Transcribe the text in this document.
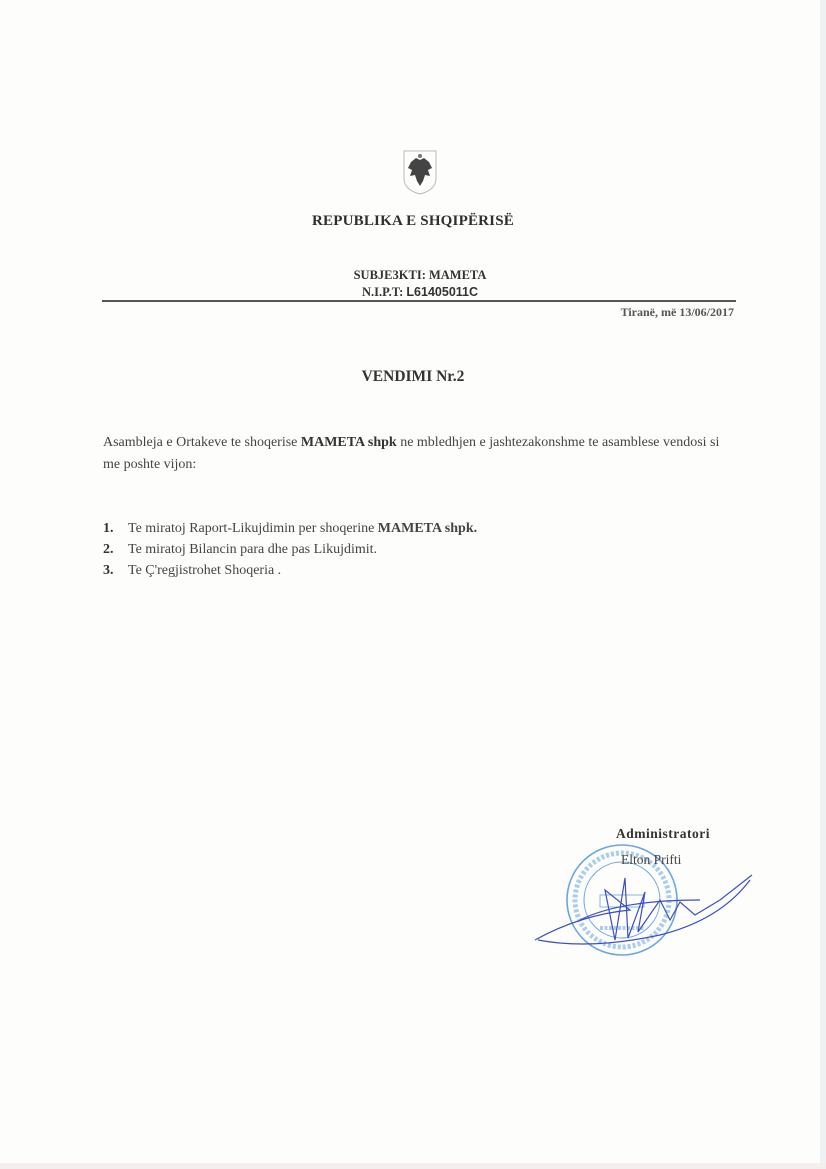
REPUBLIKA E SHQIPËRISË
SUBJE3KTI: MAMETA
N.I.P.T: L61405011C
Tiranë, më 13/06/2017
VENDIMI Nr.2
Asambleja e Ortakeve te shoqerise MAMETA shpk ne mbledhjen e jashtezakonshme te asamblese vendosi si me poshte vijon:
1. Te miratoj Raport-Likujdimin per shoqerine MAMETA shpk.
2. Te miratoj Bilancin para dhe pas Likujdimit.
3. Te Ç'regjistrohet Shoqeria .
Administratori
Elton Prifti
